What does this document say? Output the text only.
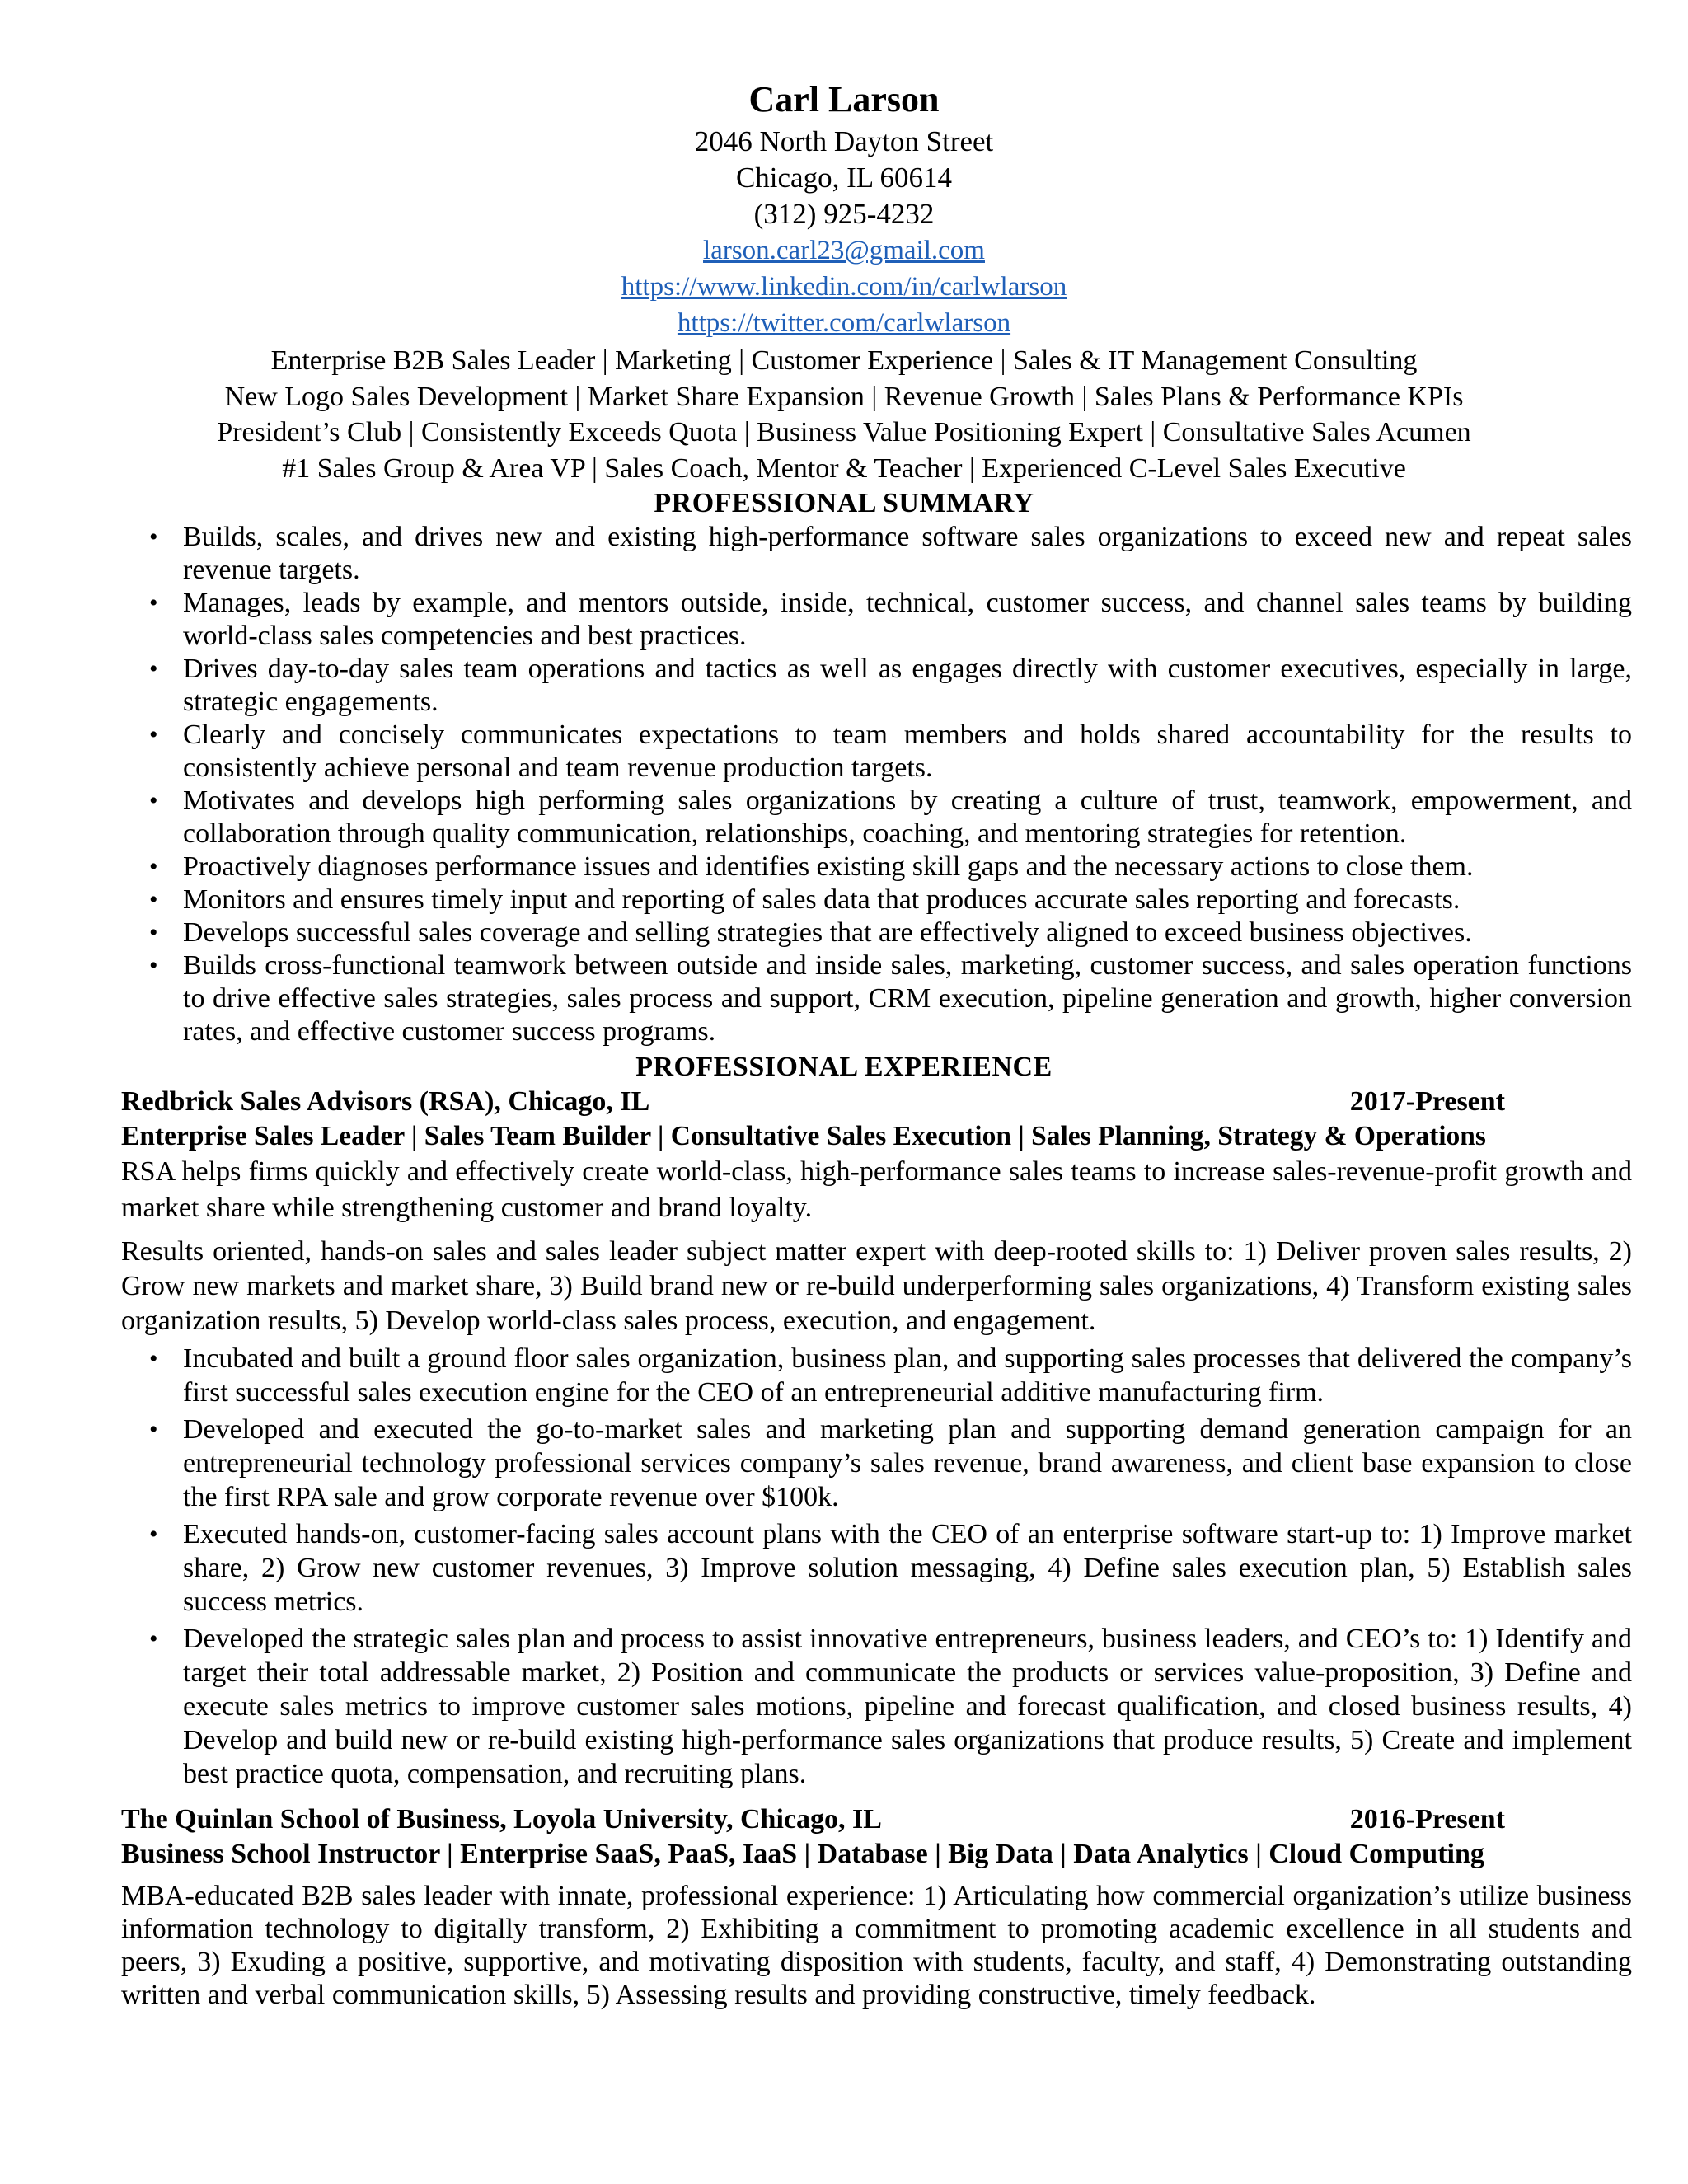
Carl Larson
2046 North Dayton Street
Chicago, IL 60614
(312) 925-4232
larson.carl23@gmail.com
https://www.linkedin.com/in/carlwlarson
https://twitter.com/carlwlarson
Enterprise B2B Sales Leader | Marketing | Customer Experience | Sales & IT Management Consulting
New Logo Sales Development | Market Share Expansion | Revenue Growth | Sales Plans & Performance KPIs
President’s Club | Consistently Exceeds Quota | Business Value Positioning Expert | Consultative Sales Acumen
#1 Sales Group & Area VP | Sales Coach, Mentor & Teacher | Experienced C-Level Sales Executive
PROFESSIONAL SUMMARY
• Builds, scales, and drives new and existing high-performance software sales organizations to exceed new and repeat sales revenue targets.
• Manages, leads by example, and mentors outside, inside, technical, customer success, and channel sales teams by building world-class sales competencies and best practices.
• Drives day-to-day sales team operations and tactics as well as engages directly with customer executives, especially in large, strategic engagements.
• Clearly and concisely communicates expectations to team members and holds shared accountability for the results to consistently achieve personal and team revenue production targets.
• Motivates and develops high performing sales organizations by creating a culture of trust, teamwork, empowerment, and collaboration through quality communication, relationships, coaching, and mentoring strategies for retention.
• Proactively diagnoses performance issues and identifies existing skill gaps and the necessary actions to close them.
• Monitors and ensures timely input and reporting of sales data that produces accurate sales reporting and forecasts.
• Develops successful sales coverage and selling strategies that are effectively aligned to exceed business objectives.
• Builds cross-functional teamwork between outside and inside sales, marketing, customer success, and sales operation functions to drive effective sales strategies, sales process and support, CRM execution, pipeline generation and growth, higher conversion rates, and effective customer success programs.
PROFESSIONAL EXPERIENCE
Redbrick Sales Advisors (RSA), Chicago, IL	2017-Present
Enterprise Sales Leader | Sales Team Builder | Consultative Sales Execution | Sales Planning, Strategy & Operations

RSA helps firms quickly and effectively create world-class, high-performance sales teams to increase sales-revenue-profit growth and market share while strengthening customer and brand loyalty.

Results oriented, hands-on sales and sales leader subject matter expert with deep-rooted skills to: 1) Deliver proven sales results, 2) Grow new markets and market share, 3) Build brand new or re-build underperforming sales organizations, 4) Transform existing sales organization results, 5) Develop world-class sales process, execution, and engagement.

• Incubated and built a ground floor sales organization, business plan, and supporting sales processes that delivered the company’s first successful sales execution engine for the CEO of an entrepreneurial additive manufacturing firm.
• Developed and executed the go-to-market sales and marketing plan and supporting demand generation campaign for an entrepreneurial technology professional services company’s sales revenue, brand awareness, and client base expansion to close the first RPA sale and grow corporate revenue over $100k.
• Executed hands-on, customer-facing sales account plans with the CEO of an enterprise software start-up to: 1) Improve market share, 2) Grow new customer revenues, 3) Improve solution messaging, 4) Define sales execution plan, 5) Establish sales success metrics.
• Developed the strategic sales plan and process to assist innovative entrepreneurs, business leaders, and CEO’s to: 1) Identify and target their total addressable market, 2) Position and communicate the products or services value-proposition, 3) Define and execute sales metrics to improve customer sales motions, pipeline and forecast qualification, and closed business results, 4) Develop and build new or re-build existing high-performance sales organizations that produce results, 5) Create and implement best practice quota, compensation, and recruiting plans.
The Quinlan School of Business, Loyola University, Chicago, IL	2016-Present
Business School Instructor | Enterprise SaaS, PaaS, IaaS | Database | Big Data | Data Analytics | Cloud Computing

MBA-educated B2B sales leader with innate, professional experience: 1) Articulating how commercial organization’s utilize business information technology to digitally transform, 2) Exhibiting a commitment to promoting academic excellence in all students and peers, 3) Exuding a positive, supportive, and motivating disposition with students, faculty, and staff, 4) Demonstrating outstanding written and verbal communication skills, 5) Assessing results and providing constructive, timely feedback.
